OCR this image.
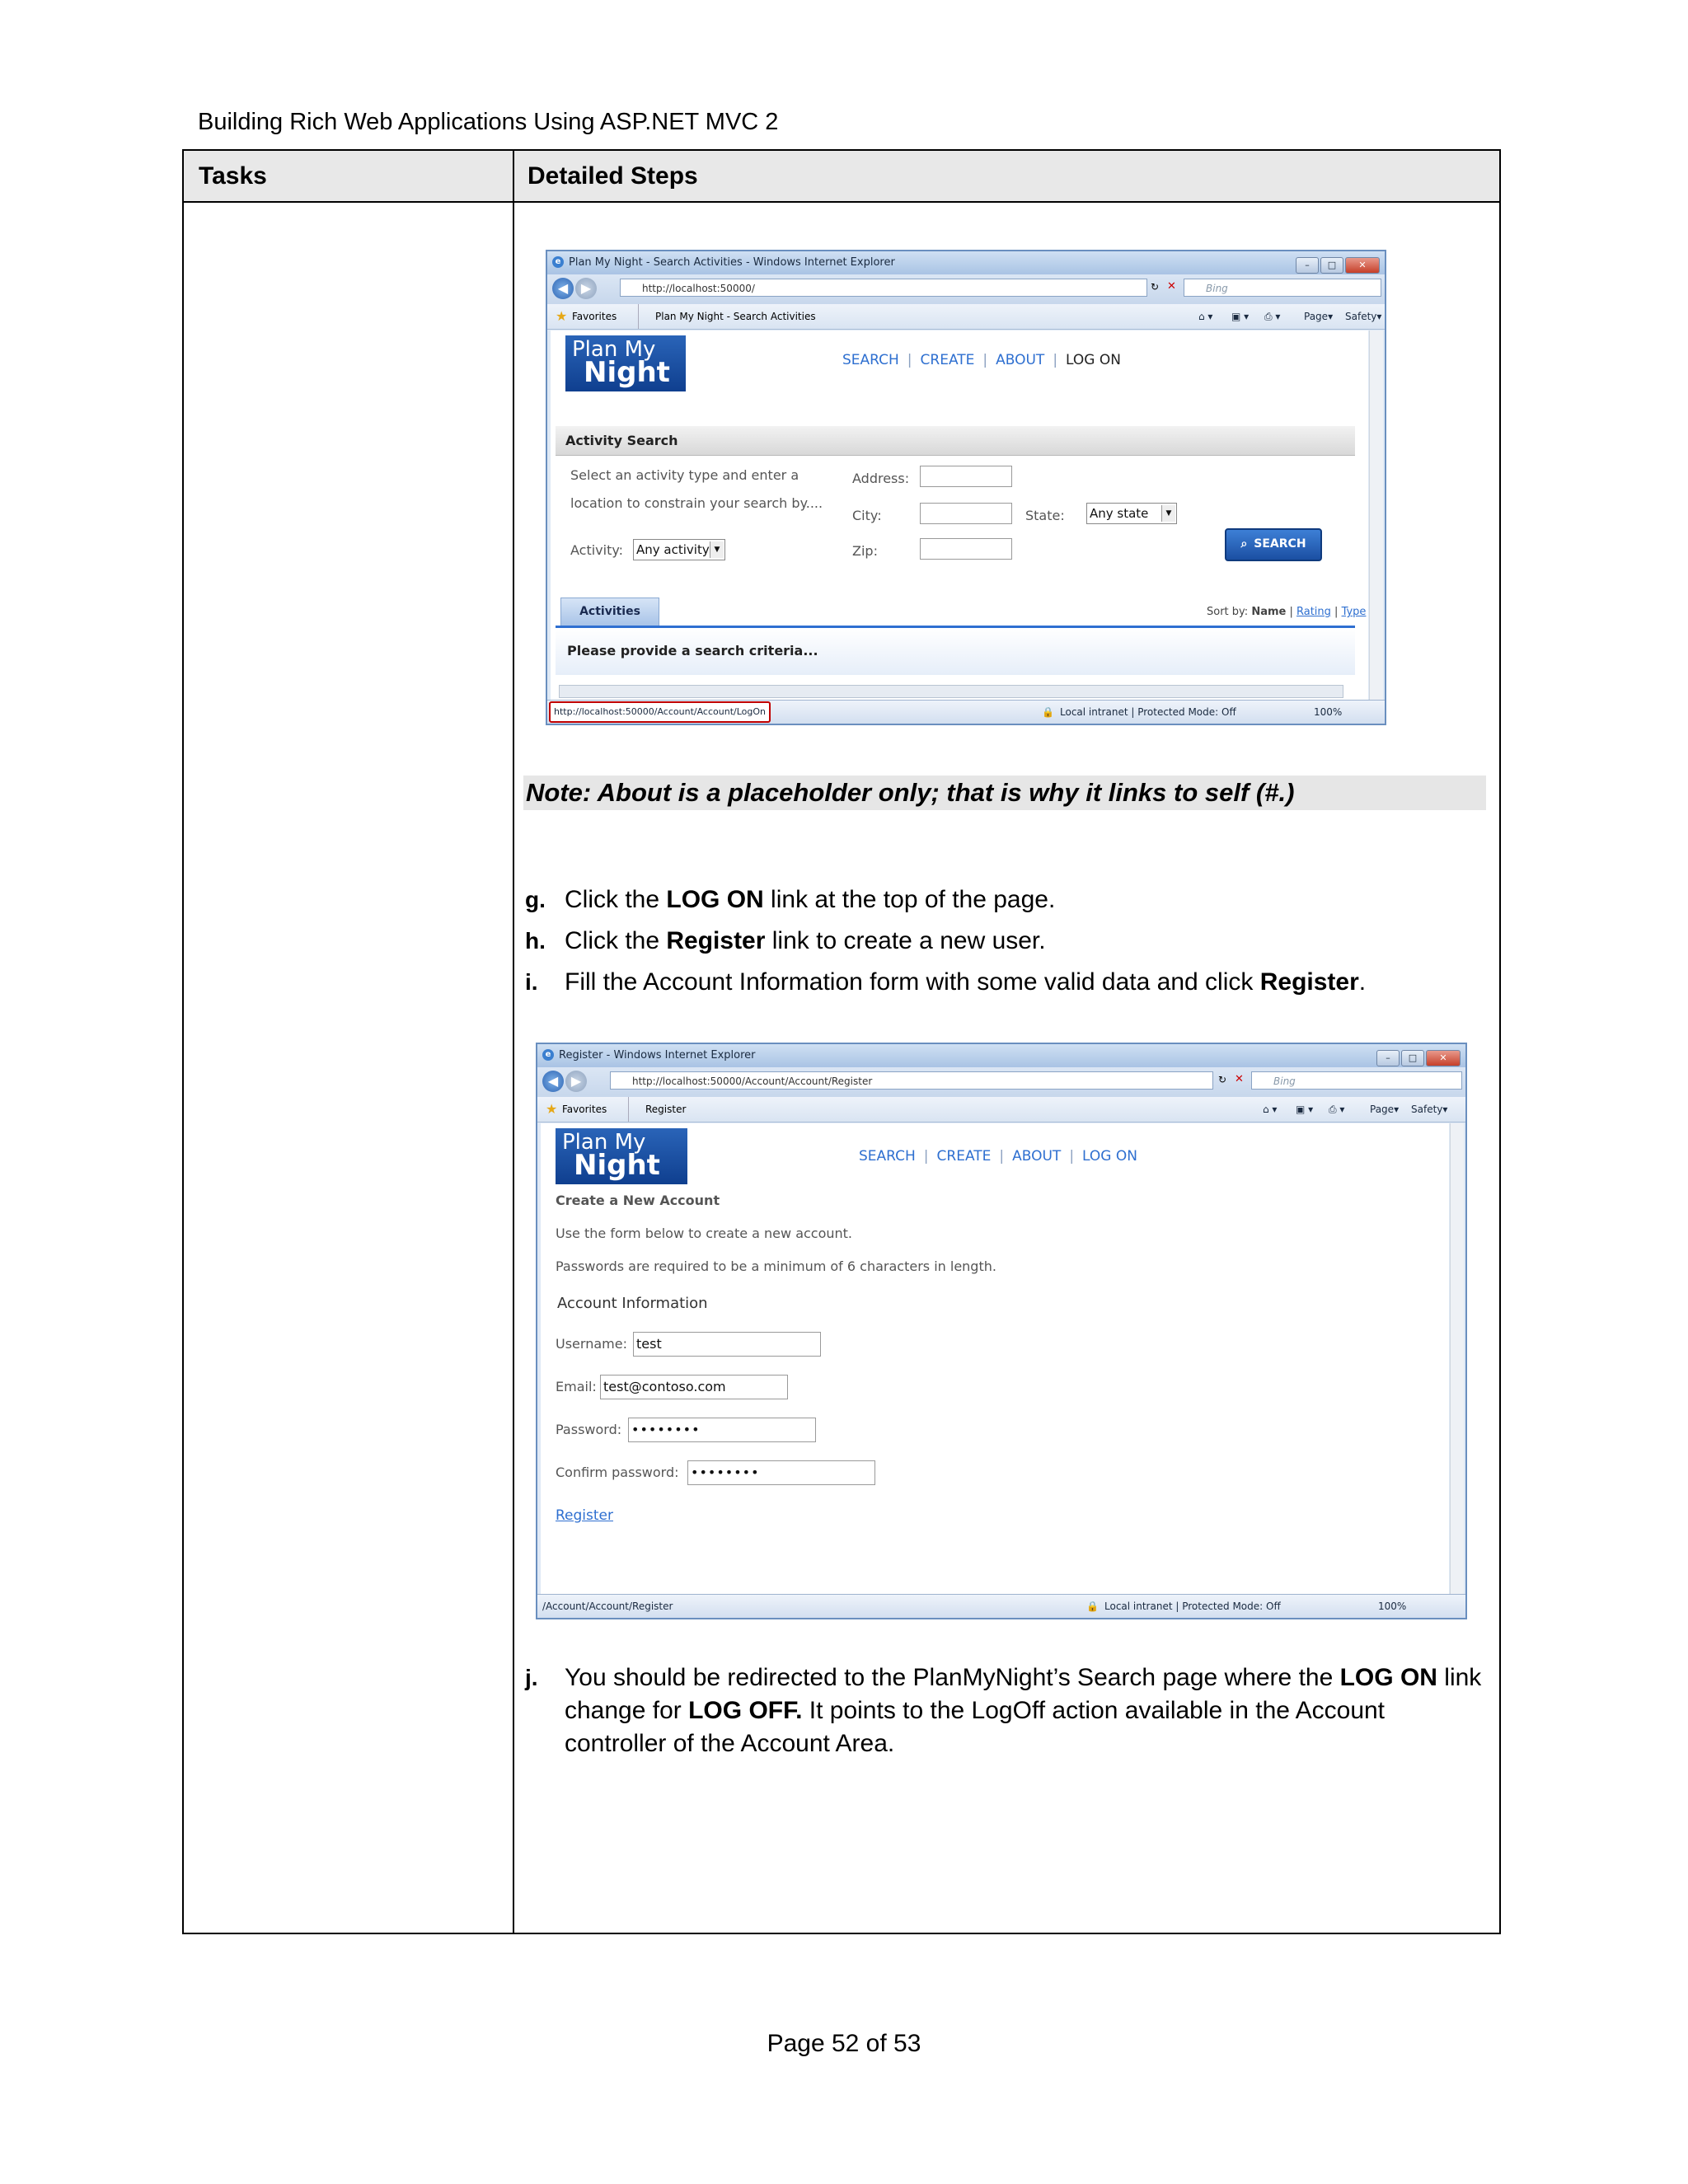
Building Rich Web Applications Using ASP.NET MVC 2
Tasks	Detailed Steps
e Plan My Night - Search Activities - Windows Internet Explorer	– □ ✕
◀ ▶	http://localhost:50000/	↻ ✕	Bing
★ Favorites	Plan My Night - Search Activities	⌂ ▾ ▣ ▾ ⎙ ▾ Page▾ Safety▾
Plan My
Night	SEARCH | CREATE | ABOUT | LOG ON
Activity Search
Select an activity type and enter a
location to constrain your search by....
Activity: Any activity ▼
Address:
City:
Zip:
State: Any state	▼
⌕ SEARCH
Activities	Sort by: Name | Rating | Type
Please provide a search criteria...
http://localhost:50000/Account/Account/LogOn	🔒 Local intranet | Protected Mode: Off	100%
Note: About is a placeholder only; that is why it links to self (#.)
g. Click the LOG ON link at the top of the page.
h. Click the Register link to create a new user.
i. Fill the Account Information form with some valid data and click Register.
e Register - Windows Internet Explorer	– □ ✕
◀ ▶	http://localhost:50000/Account/Account/Register	↻ ✕	Bing
★ Favorites	Register	⌂ ▾ ▣ ▾ ⎙ ▾	Page▾ Safety▾
Plan My
Night	SEARCH | CREATE | ABOUT | LOG ON
Create a New Account
Use the form below to create a new account.
Passwords are required to be a minimum of 6 characters in length.
Account Information
Username: test
Email: test@contoso.com
Password: ••••••••
Confirm password: ••••••••
Register
/Account/Account/Register	🔒 Local intranet | Protected Mode: Off	100%
j. You should be redirected to the PlanMyNight’s Search page where the LOG ON link change for LOG OFF. It points to the LogOff action available in the Account controller of the Account Area.
Page 52 of 53
